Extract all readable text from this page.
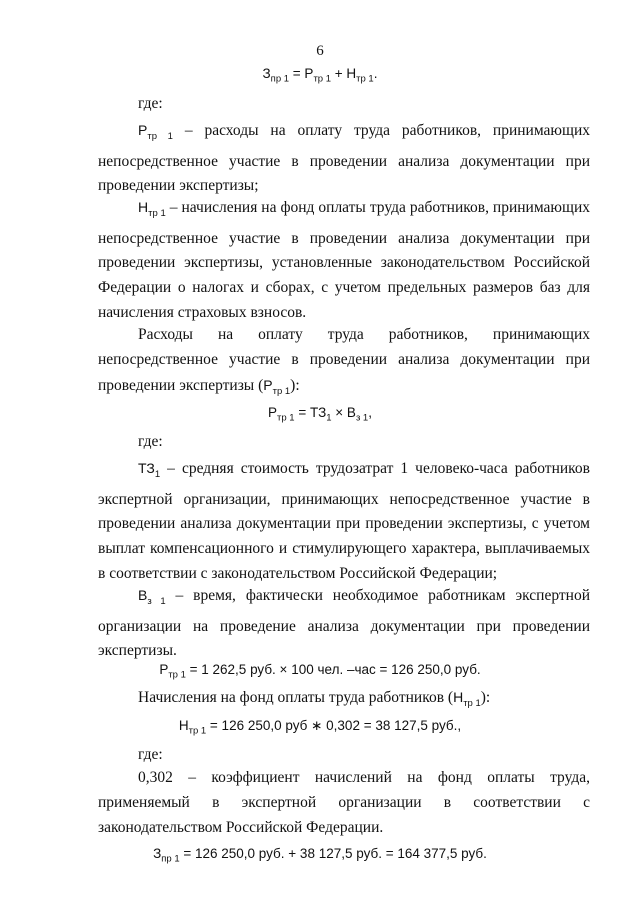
6
$З_{пр 1} = Р_{тр 1} + Н_{тр 1}$.
где:
$Р_{тр 1}$ – расходы на оплату труда работников, принимающих непосредственное участие в проведении анализа документации при проведении экспертизы;
$Н_{тр 1}$ – начисления на фонд оплаты труда работников, принимающих непосредственное участие в проведении анализа документации при проведении экспертизы, установленные законодательством Российской Федерации о налогах и сборах, с учетом предельных размеров баз для начисления страховых взносов.
Расходы на оплату труда работников, принимающих непосредственное участие в проведении анализа документации при проведении экспертизы $(Р_{тр 1})$:
$Р_{тр 1} = ТЗ_1 \times В_{з 1}$,
где:
$ТЗ_1$ – средняя стоимость трудозатрат 1 человеко-часа работников экспертной организации, принимающих непосредственное участие в проведении анализа документации при проведении экспертизы, с учетом выплат компенсационного и стимулирующего характера, выплачиваемых в соответствии с законодательством Российской Федерации;
$В_{з 1}$ – время, фактически необходимое работникам экспертной организации на проведение анализа документации при проведении экспертизы.
$Р_{тр 1} = 1$ 262,5 руб. × 100 чел. –час = 126 250,0 руб.
Начисления на фонд оплаты труда работников $(Н_{тр 1})$:
$Н_{тр 1} = 126$ 250,0 руб ∗ 0,302 = 38 127,5 руб.,
где:
0,302 – коэффициент начислений на фонд оплаты труда, применяемый в экспертной организации в соответствии с законодательством Российской Федерации.
$З_{пр 1} = 126$ 250,0 руб. + 38 127,5 руб. = 164 377,5 руб.
